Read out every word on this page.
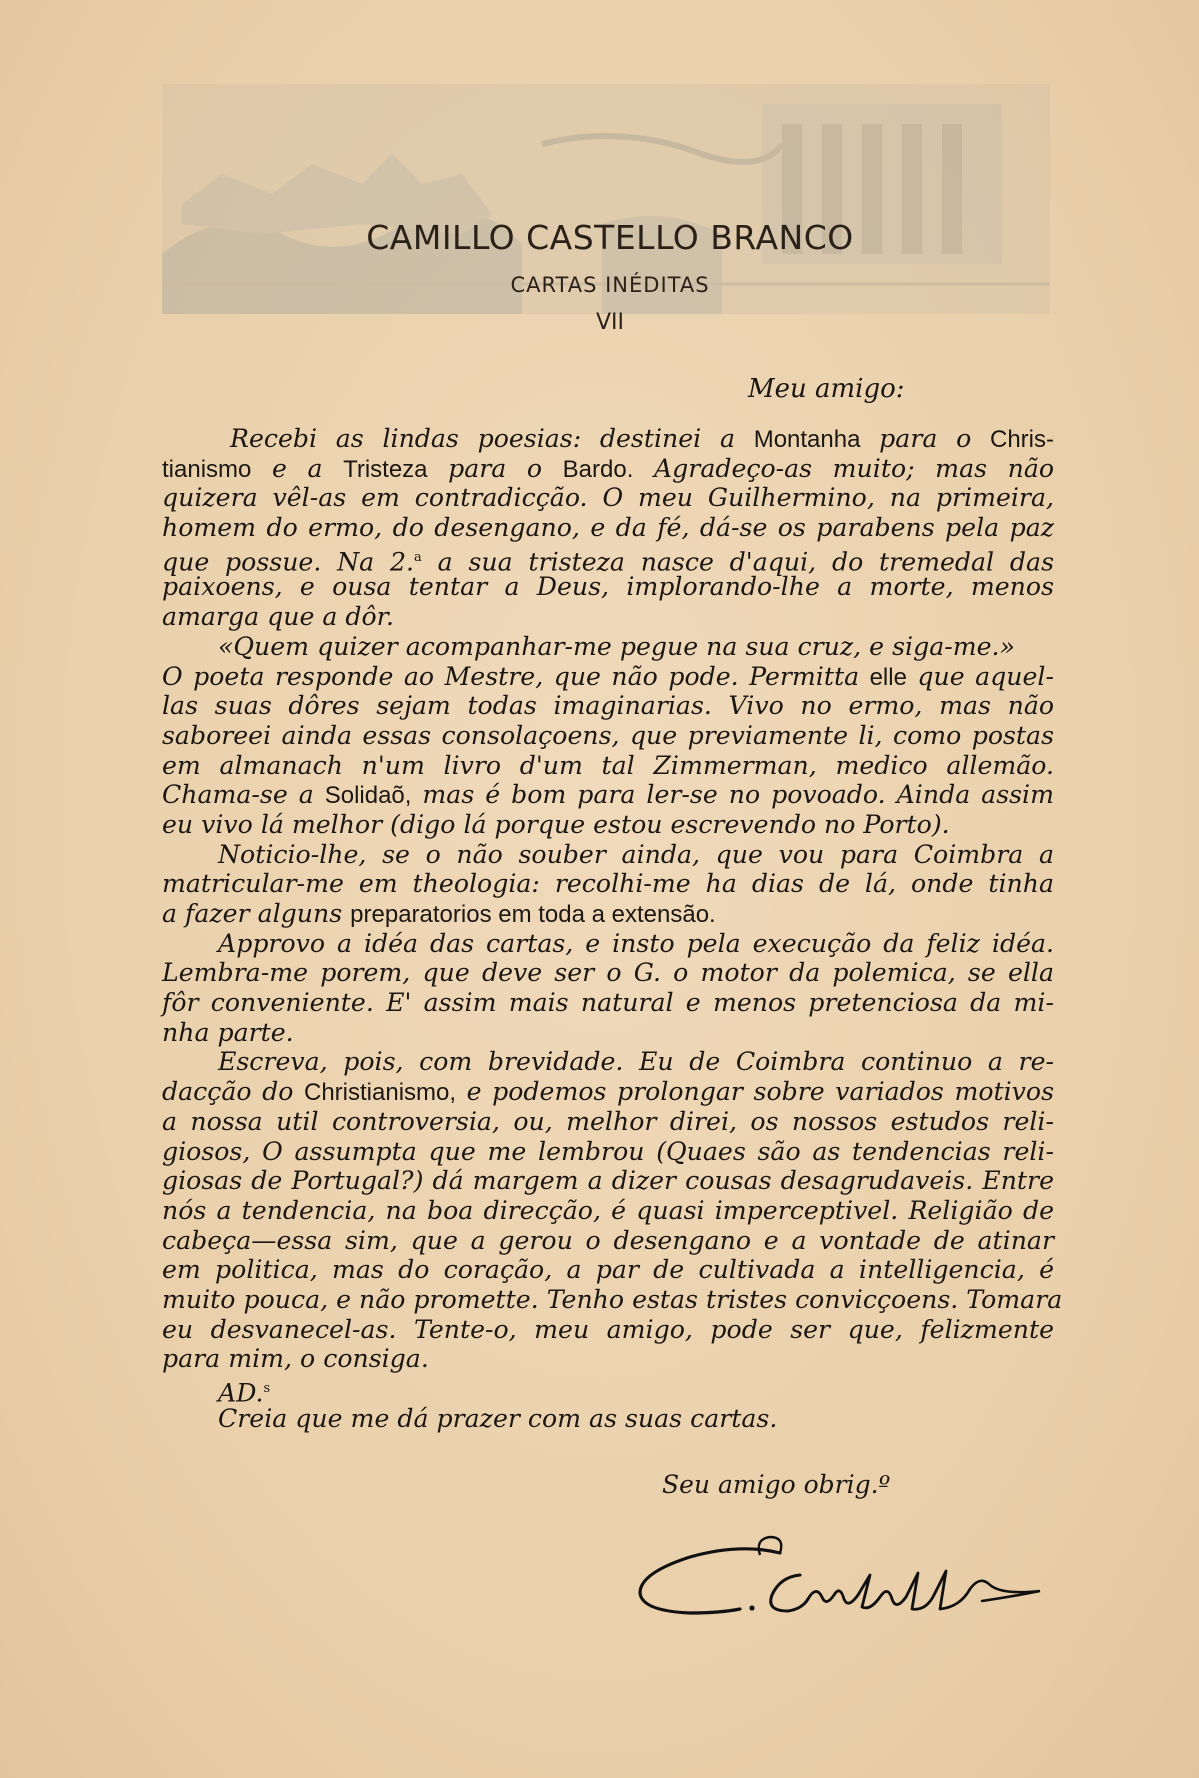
CAMILLO CASTELLO BRANCO
CARTAS INÉDITAS
VII
Meu amigo:
Recebi as lindas poesias: destinei a Montanha para o Chris-
tianismo e a Tristeza para o Bardo. Agradeço-as muito; mas não
quizera vêl-as em contradicção. O meu Guilhermino, na primeira,
homem do ermo, do desengano, e da fé, dá-se os parabens pela paz
que possue. Na 2.$^a$ a sua tristeza nasce d'aqui, do tremedal das
paixoens, e ousa tentar a Deus, implorando-lhe a morte, menos
amarga que a dôr.
«Quem quizer acompanhar-me pegue na sua cruz, e siga-me.»
O poeta responde ao Mestre, que não pode. Permitta elle que aquel-
las suas dôres sejam todas imaginarias. Vivo no ermo, mas não
saboreei ainda essas consolaçoens, que previamente li, como postas
em almanach n'um livro d'um tal Zimmerman, medico allemão.
Chama-se a Solidaõ, mas é bom para ler-se no povoado. Ainda assim
eu vivo lá melhor (digo lá porque estou escrevendo no Porto).
Noticio-lhe, se o não souber ainda, que vou para Coimbra a
matricular-me em theologia: recolhi-me ha dias de lá, onde tinha
a fazer alguns preparatorios em toda a extensão.
Approvo a idéa das cartas, e insto pela execução da feliz idéa.
Lembra-me porem, que deve ser o G. o motor da polemica, se ella
fôr conveniente. E' assim mais natural e menos pretenciosa da mi-
nha parte.
Escreva, pois, com brevidade. Eu de Coimbra continuo a re-
dacção do Christianismo, e podemos prolongar sobre variados motivos
a nossa util controversia, ou, melhor direi, os nossos estudos reli-
giosos, O assumpta que me lembrou (Quaes são as tendencias reli-
giosas de Portugal?) dá margem a dizer cousas desagrudaveis. Entre
nós a tendencia, na boa direcção, é quasi imperceptivel. Religião de
cabeça—essa sim, que a gerou o desengano e a vontade de atinar
em politica, mas do coração, a par de cultivada a intelligencia, é
muito pouca, e não promette. Tenho estas tristes convicçoens. Tomara
eu desvanecel-as. Tente-o, meu amigo, pode ser que, felizmente
para mim, o consiga.
AD.$^s$
Creia que me dá prazer com as suas cartas.
Seu amigo obrig.º
